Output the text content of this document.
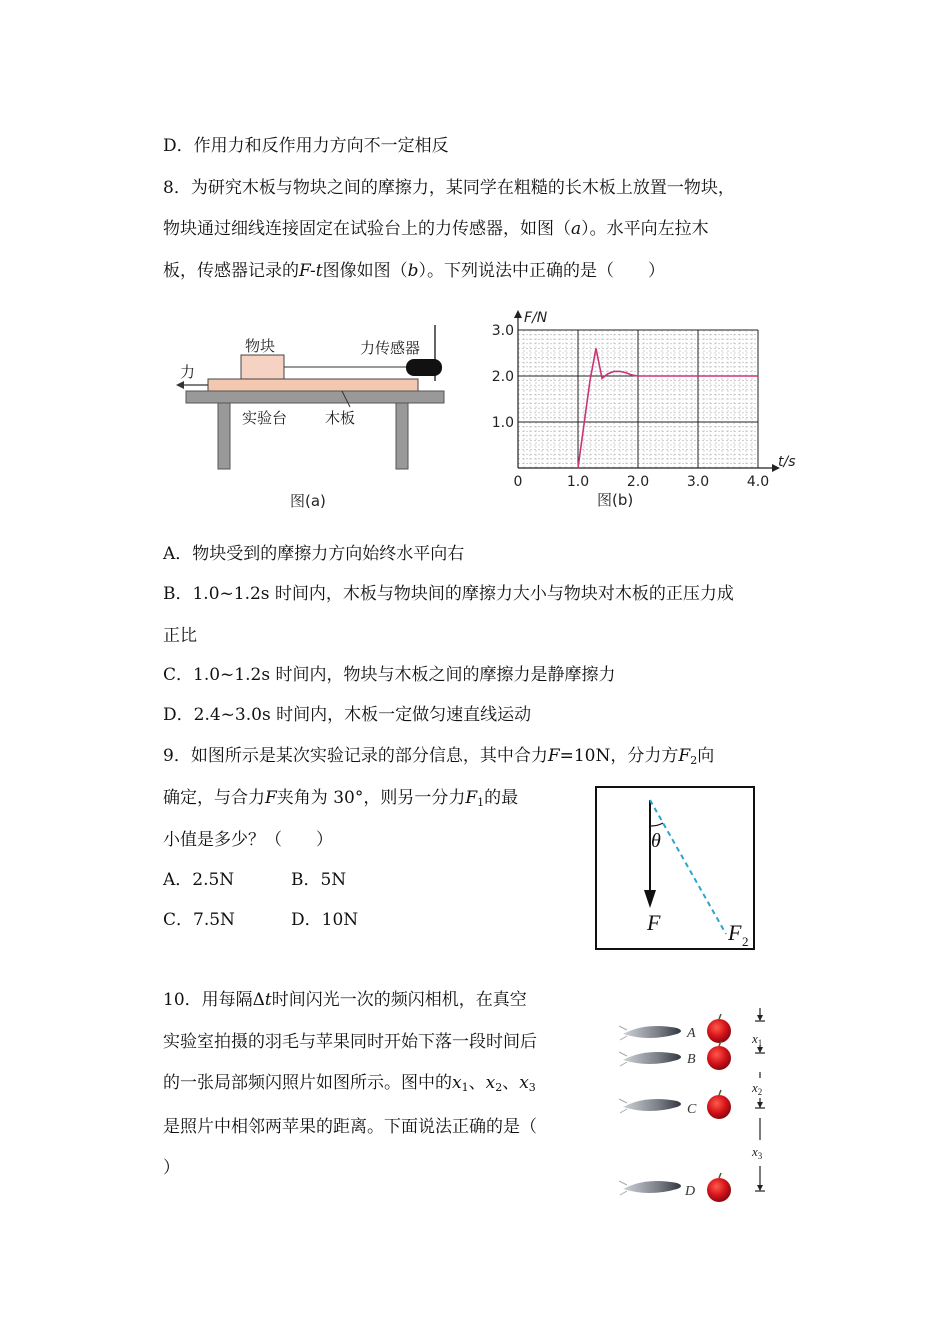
D．作用力和反作用力方向不一定相反
8．为研究木板与物块之间的摩擦力，某同学在粗糙的长木板上放置一物块，
物块通过细线连接固定在试验台上的力传感器，如图（a）。水平向左拉木
板，传感器记录的F-t图像如图（b）。下列说法中正确的是（　　）
物块	力传感器
力
实验台	木板
图(a)
F/N
t/s
0	1.0	2.0	3.0	4.0
3.0
2.0
1.0
图(b)
A．物块受到的摩擦力方向始终水平向右
B．1.0~1.2s 时间内，木板与物块间的摩擦力大小与物块对木板的正压力成
正比
C．1.0~1.2s 时间内，物块与木板之间的摩擦力是静摩擦力
D．2.4~3.0s 时间内，木板一定做匀速直线运动
9．如图所示是某次实验记录的部分信息，其中合力F=10N，分力方$F_2$向
确定，与合力F夹角为 30°，则另一分力$F_1$的最
小值是多少？（　　）
A．2.5N	B．5N
C．7.5N	D．10N
θ
F	F 2
10．用每隔Δt时间闪光一次的频闪相机，在真空
实验室拍摄的羽毛与苹果同时开始下落一段时间后
的一张局部频闪照片如图所示。图中的$x_1$、$x_2$、$x_3$
是照片中相邻两苹果的距离。下面说法正确的是（
）
A
B
C
D
$x_1$
$x_2$
$x_3$
